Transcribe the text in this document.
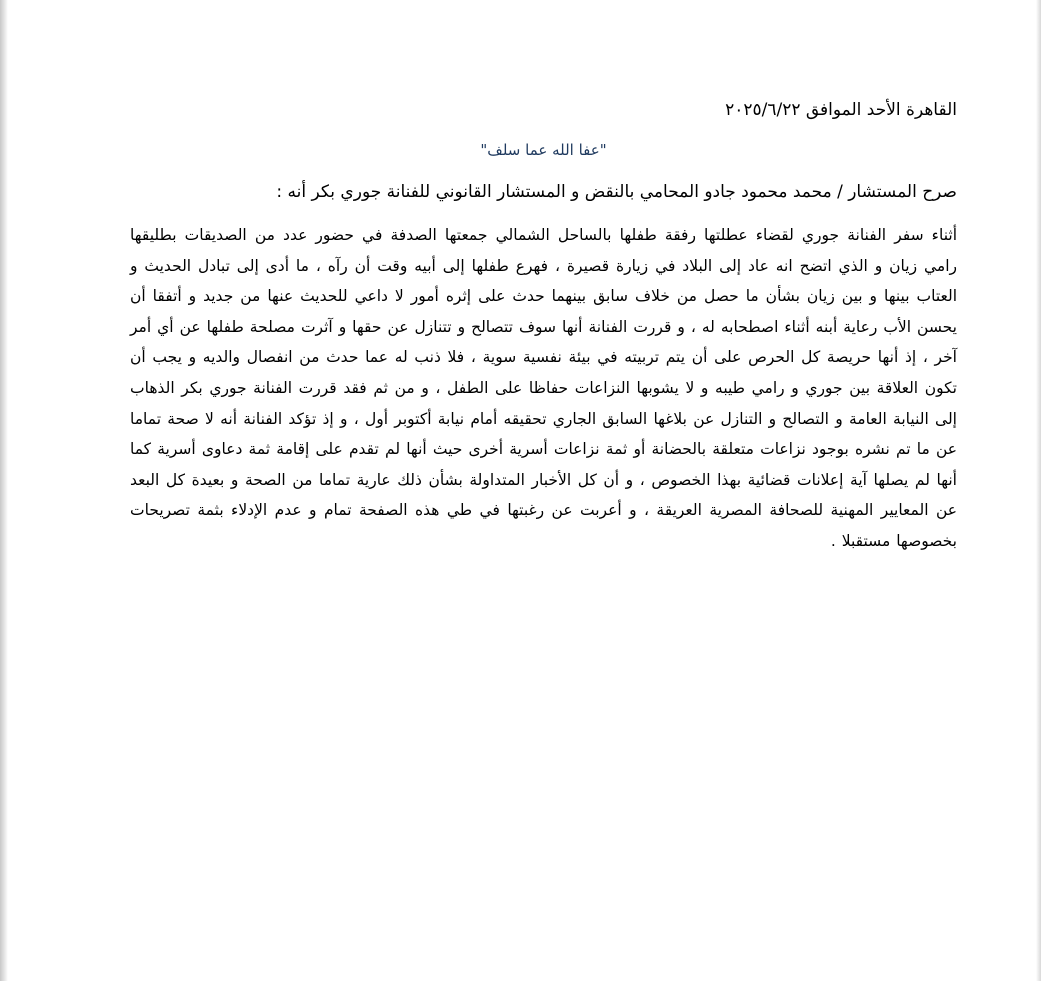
القاهرة الأحد الموافق ٢٠٢٥/٦/٢٢

"عفا الله عما سلف"

صرح المستشار / محمد محمود جادو المحامي بالنقض و المستشار القانوني للفنانة جوري بكر أنه :

أثناء سفر الفنانة جوري لقضاء عطلتها رفقة طفلها بالساحل الشمالي جمعتها الصدفة في حضور عدد من الصديقات بطليقها رامي زيان و الذي اتضح انه عاد إلى البلاد في زيارة قصيرة ، فهرع طفلها إلى أبيه وقت أن رآه ، ما أدى إلى تبادل الحديث و العتاب بينها و بين زيان بشأن ما حصل من خلاف سابق بينهما حدث على إثره أمور لا داعي للحديث عنها من جديد و أتفقا أن يحسن الأب رعاية أبنه أثناء اصطحابه له ، و قررت الفنانة أنها سوف تتصالح و تتنازل عن حقها و آثرت مصلحة طفلها عن أي أمر آخر ، إذ أنها حريصة كل الحرص على أن يتم تربيته في بيئة نفسية سوية ، فلا ذنب له عما حدث من انفصال والديه و يجب أن تكون العلاقة بين جوري و رامي طيبه و لا يشوبها النزاعات حفاظا على الطفل ، و من ثم فقد قررت الفنانة جوري بكر الذهاب إلى النيابة العامة و التصالح و التنازل عن بلاغها السابق الجاري تحقيقه أمام نيابة أكتوبر أول ، و إذ تؤكد الفنانة أنه لا صحة تماما عن ما تم نشره بوجود نزاعات متعلقة بالحضانة أو ثمة نزاعات أسرية أخرى حيث أنها لم تقدم على إقامة ثمة دعاوى أسرية كما أنها لم يصلها آية إعلانات قضائية بهذا الخصوص ، و أن كل الأخبار المتداولة بشأن ذلك عارية تماما من الصحة و بعيدة كل البعد عن المعايير المهنية للصحافة المصرية العريقة ، و أعربت عن رغبتها في طي هذه الصفحة تمام و عدم الإدلاء بثمة تصريحات بخصوصها مستقبلا .
